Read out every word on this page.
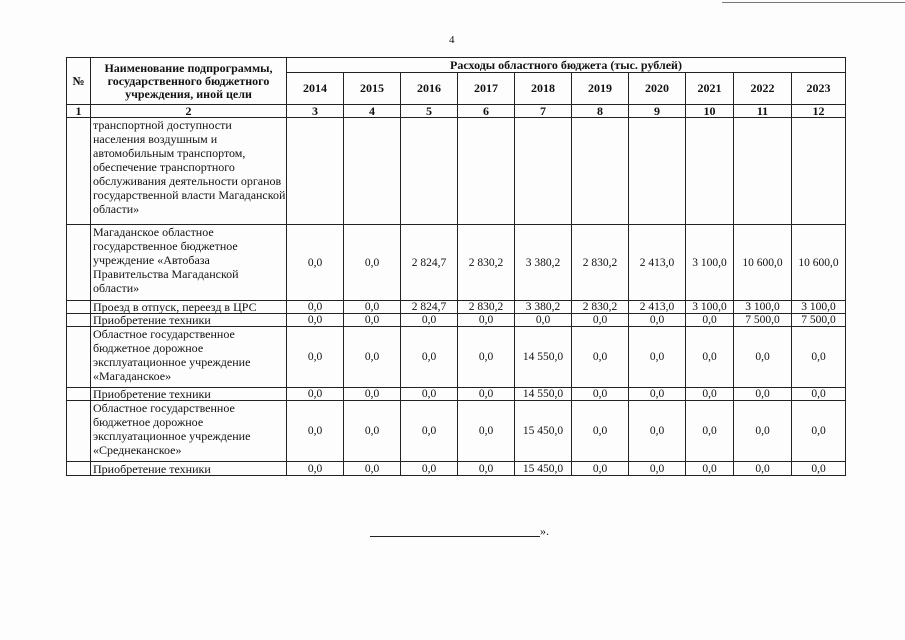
4
№	Наименование подпрограммы, государственного бюджетного учреждения, иной цели	Расходы областного бюджета (тыс. рублей)									
		2014	2015	2016	2017	2018	2019	2020	2021	2022	2023
1	2	3	4	5	6	7	8	9	10	11	12
	транспортной доступности населения воздушным и автомобильным транспортом, обеспечение транспортного обслуживания деятельности органов государственной власти Магаданской области»										
	Магаданское областное государственное бюджетное учреждение «Автобаза Правительства Магаданской области»	0,0	0,0	2 824,7	2 830,2	3 380,2	2 830,2	2 413,0	3 100,0	10 600,0	10 600,0
	Проезд в отпуск, переезд в ЦРС	0,0	0,0	2 824,7	2 830,2	3 380,2	2 830,2	2 413,0	3 100,0	3 100,0	3 100,0
	Приобретение техники	0,0	0,0	0,0	0,0	0,0	0,0	0,0	0,0	7 500,0	7 500,0
	Областное государственное бюджетное дорожное эксплуатационное учреждение «Магаданское»	0,0	0,0	0,0	0,0	14 550,0	0,0	0,0	0,0	0,0	0,0
	Приобретение техники	0,0	0,0	0,0	0,0	14 550,0	0,0	0,0	0,0	0,0	0,0
	Областное государственное бюджетное дорожное эксплуатационное учреждение «Среднеканское»	0,0	0,0	0,0	0,0	15 450,0	0,0	0,0	0,0	0,0	0,0
	Приобретение техники	0,0	0,0	0,0	0,0	15 450,0	0,0	0,0	0,0	0,0	0,0
».
